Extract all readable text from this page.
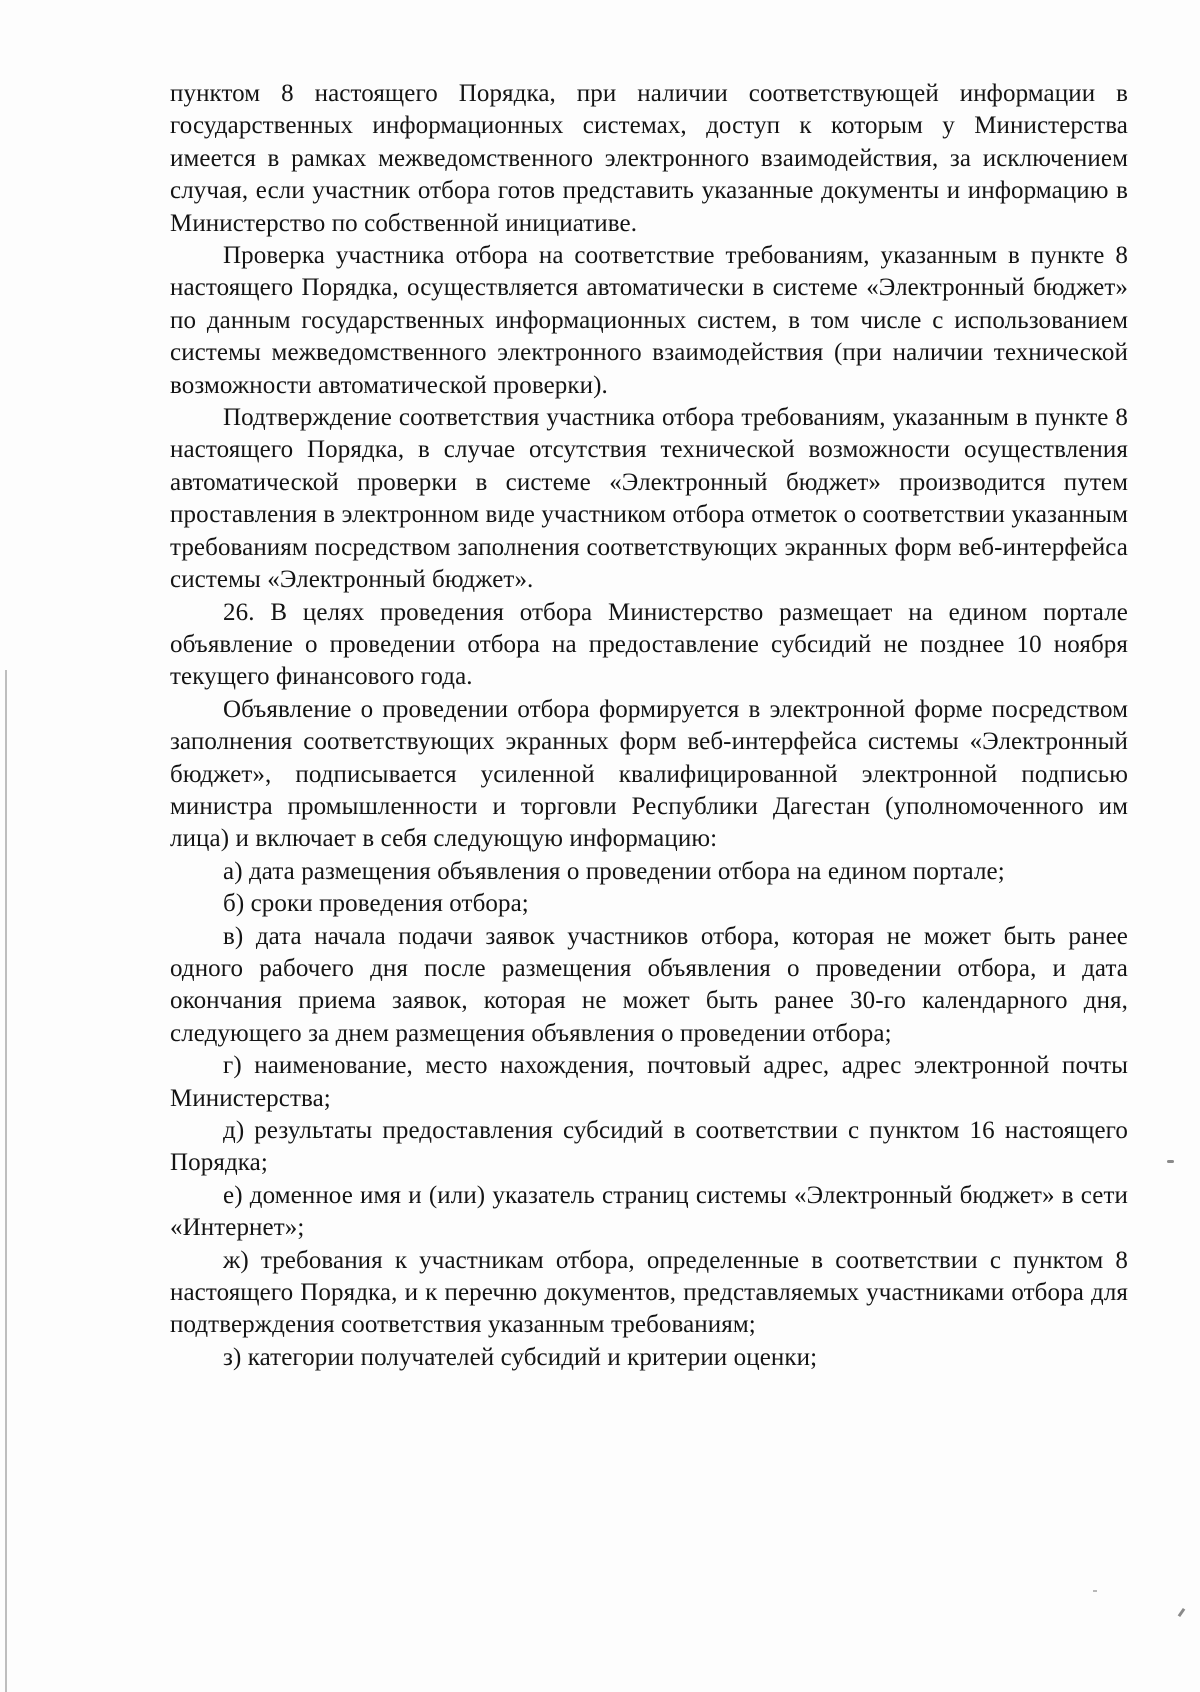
пунктом 8 настоящего Порядка, при наличии соответствующей информации в государственных информационных системах, доступ к которым у Министерства имеется в рамках межведомственного электронного взаимодействия, за исключением случая, если участник отбора готов представить указанные документы и информацию в Министерство по собственной инициативе.

Проверка участника отбора на соответствие требованиям, указанным в пункте 8 настоящего Порядка, осуществляется автоматически в системе «Электронный бюджет» по данным государственных информационных систем, в том числе с использованием системы межведомственного электронного взаимодействия (при наличии технической возможности автоматической проверки).

Подтверждение соответствия участника отбора требованиям, указанным в пункте 8 настоящего Порядка, в случае отсутствия технической возможности осуществления автоматической проверки в системе «Электронный бюджет» производится путем проставления в электронном виде участником отбора отметок о соответствии указанным требованиям посредством заполнения соответствующих экранных форм веб-интерфейса системы «Электронный бюджет».

26. В целях проведения отбора Министерство размещает на едином портале объявление о проведении отбора на предоставление субсидий не позднее 10 ноября текущего финансового года.

Объявление о проведении отбора формируется в электронной форме посредством заполнения соответствующих экранных форм веб-интерфейса системы «Электронный бюджет», подписывается усиленной квалифицированной электронной подписью министра промышленности и торговли Республики Дагестан (уполномоченного им лица) и включает в себя следующую информацию:

а) дата размещения объявления о проведении отбора на едином портале;

б) сроки проведения отбора;

в) дата начала подачи заявок участников отбора, которая не может быть ранее одного рабочего дня после размещения объявления о проведении отбора, и дата окончания приема заявок, которая не может быть ранее 30-го календарного дня, следующего за днем размещения объявления о проведении отбора;

г) наименование, место нахождения, почтовый адрес, адрес электронной почты Министерства;

д) результаты предоставления субсидий в соответствии с пунктом 16 настоящего Порядка;

е) доменное имя и (или) указатель страниц системы «Электронный бюджет» в сети «Интернет»;

ж) требования к участникам отбора, определенные в соответствии с пунктом 8 настоящего Порядка, и к перечню документов, представляемых участниками отбора для подтверждения соответствия указанным требованиям;

з) категории получателей субсидий и критерии оценки;
